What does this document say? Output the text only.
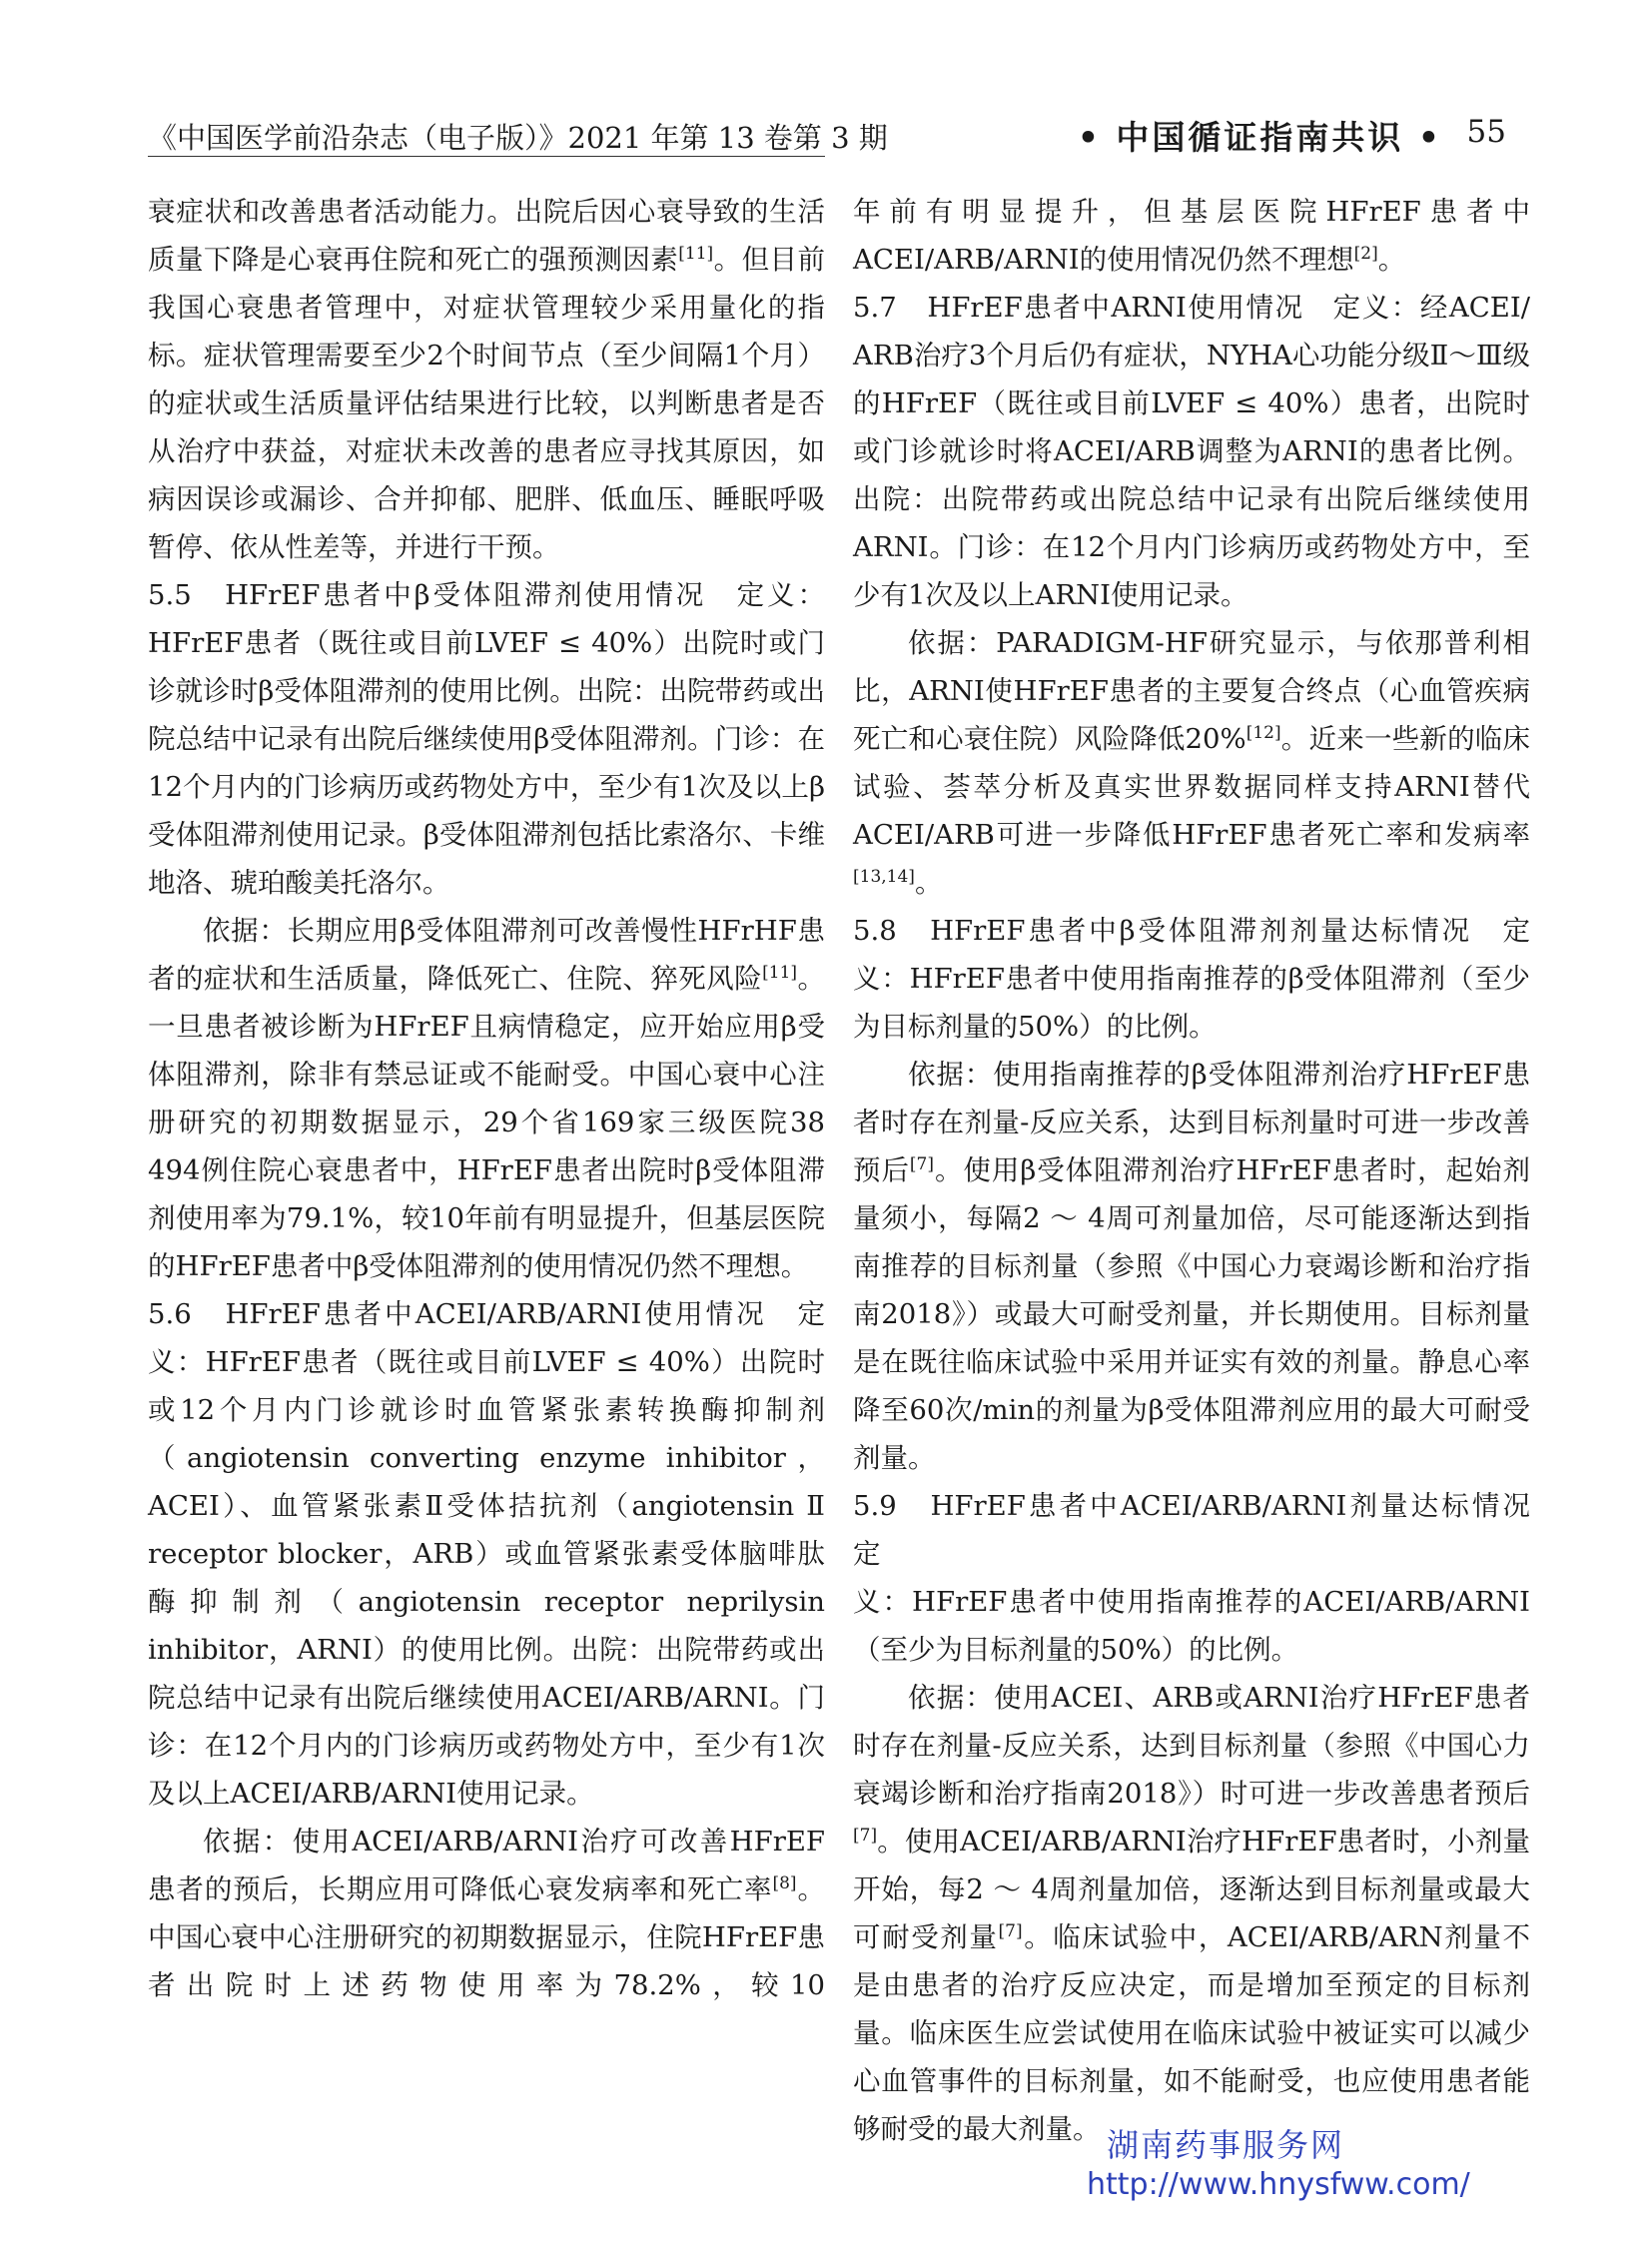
《中国医学前沿杂志（电子版）》2021 年第 13 卷第 3 期	• 中国循证指南共识 • 55

衰症状和改善患者活动能力。出院后因心衰导致的生活质量下降是心衰再住院和死亡的强预测因素[11]。但目前我国心衰患者管理中，对症状管理较少采用量化的指标。症状管理需要至少2个时间节点（至少间隔1个月）的症状或生活质量评估结果进行比较，以判断患者是否从治疗中获益，对症状未改善的患者应寻找其原因，如病因误诊或漏诊、合并抑郁、肥胖、低血压、睡眠呼吸暂停、依从性差等，并进行干预。

5.5　HFrEF患者中β受体阻滞剂使用情况　定义：

HFrEF患者（既往或目前LVEF ≤ 40%）出院时或门诊就诊时β受体阻滞剂的使用比例。出院：出院带药或出院总结中记录有出院后继续使用β受体阻滞剂。门诊：在12个月内的门诊病历或药物处方中，至少有1次及以上β受体阻滞剂使用记录。β受体阻滞剂包括比索洛尔、卡维地洛、琥珀酸美托洛尔。

依据：长期应用β受体阻滞剂可改善慢性HFrHF患者的症状和生活质量，降低死亡、住院、猝死风险[11]。一旦患者被诊断为HFrEF且病情稳定，应开始应用β受体阻滞剂，除非有禁忌证或不能耐受。中国心衰中心注册研究的初期数据显示，29个省169家三级医院38 494例住院心衰患者中，HFrEF患者出院时β受体阻滞剂使用率为79.1%，较10年前有明显提升，但基层医院的HFrEF患者中β受体阻滞剂的使用情况仍然不理想。

5.6　HFrEF患者中ACEI/ARB/ARNI使用情况　定

义：HFrEF患者（既往或目前LVEF ≤ 40%）出院时或12个月内门诊就诊时血管紧张素转换酶抑制剂（angiotensin converting enzyme inhibitor，ACEI）、血管紧张素Ⅱ受体拮抗剂（angiotensin Ⅱ receptor blocker，ARB）或血管紧张素受体脑啡肽酶抑制剂（angiotensin receptor neprilysin inhibitor，ARNI）的使用比例。出院：出院带药或出院总结中记录有出院后继续使用ACEI/ARB/ARNI。门诊：在12个月内的门诊病历或药物处方中，至少有1次及以上ACEI/ARB/ARNI使用记录。

依据：使用ACEI/ARB/ARNI治疗可改善HFrEF患者的预后，长期应用可降低心衰发病率和死亡率[8]。中国心衰中心注册研究的初期数据显示，住院HFrEF患者出院时上述药物使用率为78.2%，较10

年前有明显提升，但基层医院HFrEF患者中ACEI/ARB/ARNI的使用情况仍然不理想[2]。

5.7　HFrEF患者中ARNI使用情况　定义：经ACEI/

ARB治疗3个月后仍有症状，NYHA心功能分级Ⅱ～Ⅲ级的HFrEF（既往或目前LVEF ≤ 40%）患者，出院时或门诊就诊时将ACEI/ARB调整为ARNI的患者比例。出院：出院带药或出院总结中记录有出院后继续使用ARNI。门诊：在12个月内门诊病历或药物处方中，至少有1次及以上ARNI使用记录。

依据：PARADIGM-HF研究显示，与依那普利相比，ARNI使HFrEF患者的主要复合终点（心血管疾病死亡和心衰住院）风险降低20%[12]。近来一些新的临床试验、荟萃分析及真实世界数据同样支持ARNI替代ACEI/ARB可进一步降低HFrEF患者死亡率和发病率[13,14]。

5.8　HFrEF患者中β受体阻滞剂剂量达标情况　定

义：HFrEF患者中使用指南推荐的β受体阻滞剂（至少为目标剂量的50%）的比例。

依据：使用指南推荐的β受体阻滞剂治疗HFrEF患者时存在剂量-反应关系，达到目标剂量时可进一步改善预后[7]。使用β受体阻滞剂治疗HFrEF患者时，起始剂量须小，每隔2 ～ 4周可剂量加倍，尽可能逐渐达到指南推荐的目标剂量（参照《中国心力衰竭诊断和治疗指南2018》）或最大可耐受剂量，并长期使用。目标剂量是在既往临床试验中采用并证实有效的剂量。静息心率降至60次/min的剂量为β受体阻滞剂应用的最大可耐受剂量。

5.9　HFrEF患者中ACEI/ARB/ARNI剂量达标情况　定

义：HFrEF患者中使用指南推荐的ACEI/ARB/ARNI（至少为目标剂量的50%）的比例。

依据：使用ACEI、ARB或ARNI治疗HFrEF患者时存在剂量-反应关系，达到目标剂量（参照《中国心力衰竭诊断和治疗指南2018》）时可进一步改善患者预后[7]。使用ACEI/ARB/ARNI治疗HFrEF患者时，小剂量开始，每2 ～ 4周剂量加倍，逐渐达到目标剂量或最大可耐受剂量[7]。临床试验中，ACEI/ARB/ARN剂量不是由患者的治疗反应决定，而是增加至预定的目标剂量。临床医生应尝试使用在临床试验中被证实可以减少心血管事件的目标剂量，如不能耐受，也应使用患者能够耐受的最大剂量。 湖南药事服务网
http://www.hnysfww.com/
